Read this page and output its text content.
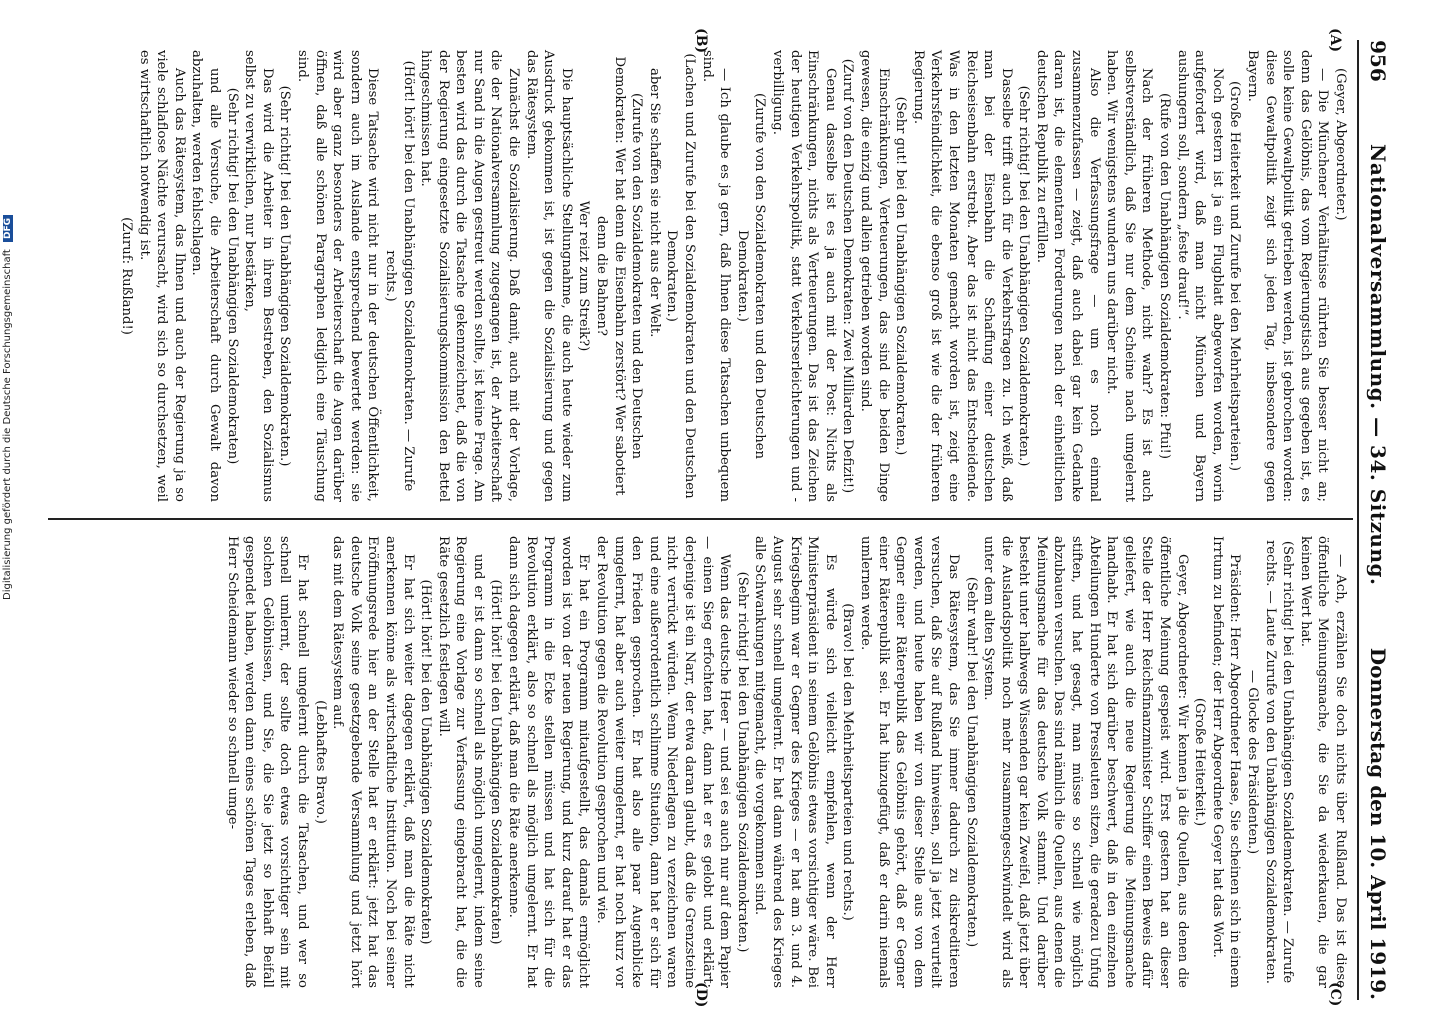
956
Nationalversammlung. — 34. Sitzung.
Donnerstag den 10. April 1919.
(A)
(B)
(C)
(D)

(Geyer, Abgeordneter.)

— Die Münchener Verhältnisse rührten Sie besser nicht an; denn das Gelöbnis, das vom Regierungstisch aus gegeben ist, es solle keine Gewaltpolitik getrieben werden, ist gebrochen worden: diese Gewaltpolitik zeigt sich jeden Tag, insbesondere gegen Bayern.

(Große Heiterkeit und Zurufe bei den Mehrheitsparteien.)

Noch gestern ist ja ein Flugblatt abgeworfen worden, worin aufgefordert wird, daß man nicht München und Bayern aushungern soll, sondern „feste drauf!“.

(Rufe von den Unabhängigen Sozialdemokraten: Pfui!)

Nach der früheren Methode, nicht wahr? Es ist auch selbstverständlich, daß Sie nur dem Scheine nach umgelernt haben. Wir wenigstens wundern uns darüber nicht.

Also die Verfassungsfrage — um es noch einmal zusammenzufassen — zeigt, daß auch dabei gar kein Gedanke daran ist, die elementaren Forderungen nach der einheitlichen deutschen Republik zu erfüllen.

(Sehr richtig! bei den Unabhängigen Sozialdemokraten.)

Dasselbe trifft auch für die Verkehrsfragen zu. Ich weiß, daß man bei der Eisenbahn die Schaffung einer deutschen Reichseisenbahn erstrebt. Aber das ist nicht das Entscheidende. Was in den letzten Monaten gemacht worden ist, zeigt eine Verkehrsfeindlichkeit, die ebenso groß ist wie die der früheren Regierung.

(Sehr gut! bei den Unabhängigen Sozialdemokraten.)

Einschränkungen, Verteuerungen, das sind die beiden Dinge gewesen, die einzig und allein getrieben worden sind.

(Zuruf von den Deutschen Demokraten: Zwei Milliarden Defizit!)

Genau dasselbe ist es ja auch mit der Post: Nichts als Einschränkungen, nichts als Verteuerungen. Das ist das Zeichen der heutigen Verkehrspolitik, statt Verkehrserleichterungen und -verbilligung.

(Zurufe von den Sozialdemokraten und den Deutschen Demokraten.)

— Ich glaube es ja gern, daß Ihnen diese Tatsachen unbequem sind.

(Lachen und Zurufe bei den Sozialdemokraten und den Deutschen Demokraten.)

aber Sie schaffen sie nicht aus der Welt.

(Zurufe von den Sozialdemokraten und den Deutschen Demokraten: Wer hat denn die Eisenbahn zerstört? Wer sabotiert denn die Bahnen?

Wer reizt zum Streik?)

Die hauptsächliche Stellungnahme, die auch heute wieder zum Ausdruck gekommen ist, ist gegen die Sozialisierung und gegen das Rätesystem.

Zunächst die Sozialisierung. Daß damit, auch mit der Vorlage, die der Nationalversammlung zugegangen ist, der Arbeiterschaft nur Sand in die Augen gestreut werden sollte, ist keine Frage. Am besten wird das durch die Tatsache gekennzeichnet, daß die von der Regierung eingesetzte Sozialisierungskommission den Bettel hingeschmissen hat.

(Hört! hört! bei den Unabhängigen Sozialdemokraten. — Zurufe rechts.)

Diese Tatsache wird nicht nur in der deutschen Öffentlichkeit, sondern auch im Auslande entsprechend bewertet werden: sie wird aber ganz besonders der Arbeiterschaft die Augen darüber öffnen, daß alle schönen Paragraphen lediglich eine Täuschung sind.

(Sehr richtig! bei den Unabhängigen Sozialdemokraten.)

Das wird die Arbeiter in ihrem Bestreben, den Sozialismus selbst zu verwirklichen, nur bestärken,

(Sehr richtig! bei den Unabhängigen Sozialdemokraten)

und alle Versuche, die Arbeiterschaft durch Gewalt davon abzuhalten, werden fehlschlagen.

Auch das Rätesystem, das Ihnen und auch der Regierung ja so viele schlaflose Nächte verursacht, wird sich so durchsetzen, weil es wirtschaftlich notwendig ist.

(Zuruf: Rußland!)

— Ach, erzählen Sie doch nichts über Rußland. Das ist diese öffentliche Meinungsmache, die Sie da wiederkauen, die gar keinen Wert hat.

(Sehr richtig! bei den Unabhängigen Sozialdemokraten. — Zurufe rechts. — Laute Zurufe von den Unabhängigen Sozialdemokraten. — Glocke des Präsidenten.)

Präsident: Herr Abgeordneter Haase, Sie scheinen sich in einem Irrtum zu befinden; der Herr Abgeordnete Geyer hat das Wort.

(Große Heiterkeit.)

Geyer, Abgeordneter: Wir kennen ja die Quellen, aus denen die öffentliche Meinung gespeist wird. Erst gestern hat an dieser Stelle der Herr Reichsfinanzminister Schiffer einen Beweis dafür geliefert, wie auch die neue Regierung die Meinungsmache handhabt. Er hat sich darüber beschwert, daß in den einzelnen Abteilungen Hunderte von Pressleuten sitzen, die geradezu Unfug stiften, und hat gesagt, man müsse so schnell wie möglich abzubauen versuchen. Das sind nämlich die Quellen, aus denen die Meinungsmache für das deutsche Volk stammt. Und darüber besteht unter halbwegs Wissenden gar kein Zweifel, daß jetzt über die Auslandspolitik noch mehr zusammengeschwindelt wird als unter dem alten System.

(Sehr wahr! bei den Unabhängigen Sozialdemokraten.)

Das Rätesystem, das Sie immer dadurch zu diskreditieren versuchen, daß Sie auf Rußland hinweisen, soll ja jetzt verurteilt werden, und heute haben wir von dieser Stelle aus von dem Gegner einer Räterepublik das Gelöbnis gehört, daß er Gegner einer Räterepublik sei. Er hat hinzugefügt, daß er darin niemals umlernen werde.

(Bravo! bei den Mehrheitsparteien und rechts.)

Es würde sich vielleicht empfehlen, wenn der Herr Ministerpräsident in seinem Gelöbnis etwas vorsichtiger wäre. Bei Kriegsbeginn war er Gegner des Krieges — er hat am 3. und 4. August sehr schnell umgelernt. Er hat dann während des Krieges alle Schwankungen mitgemacht, die vorgekommen sind.

(Sehr richtig! bei den Unabhängigen Sozialdemokraten.)

Wenn das deutsche Heer — und sei es auch nur auf dem Papier — einen Sieg erfochten hat, dann hat er es gelobt und erklärt: derjenige ist ein Narr, der etwa daran glaubt, daß die Grenzsteine nicht verrückt würden. Wenn Niederlagen zu verzeichnen waren und eine außerordentlich schlimme Situation, dann hat er sich für den Frieden gesprochen. Er hat also alle paar Augenblicke umgelernt, hat aber auch weiter umgelernt, er hat noch kurz vor der Revolution gegen die Revolution gesprochen und wie.

Er hat ein Programm mitaufgestellt, das damals ermöglicht worden ist von der neuen Regierung, und kurz darauf hat er das Programm in die Ecke stellen müssen und hat sich für die Revolution erklärt, also so schnell als möglich umgelernt. Er hat dann sich dagegen erklärt, daß man die Räte anerkenne.

(Hört! hört! bei den Unabhängigen Sozialdemokraten)

und er ist dann so schnell als möglich umgelernt, indem seine Regierung eine Vorlage zur Verfassung eingebracht hat, die die Räte gesetzlich festlegen will.

(Hört! hört! bei den Unabhängigen Sozialdemokraten)

Er hat sich weiter dagegen erklärt, daß man die Räte nicht anerkennen könne als wirtschaftliche Institution. Noch bei seiner Eröffnungsrede hier an der Stelle hat er erklärt: jetzt hat das deutsche Volk seine gesetzgebende Versammlung und jetzt hört das mit dem Rätesystem auf.

(Lebhaftes Bravo.)

Er hat schnell umgelernt durch die Tatsachen, und wer so schnell umlernt, der sollte doch etwas vorsichtiger sein mit solchen Gelöbnissen, und Sie, die Sie jetzt so lebhaft Beifall gespendet haben, werden dann eines schönen Tages erleben, daß Herr Scheidemann wieder so schnell umge-

Digitalisierung gefördert durch die Deutsche Forschungsgemeinschaft DFG
